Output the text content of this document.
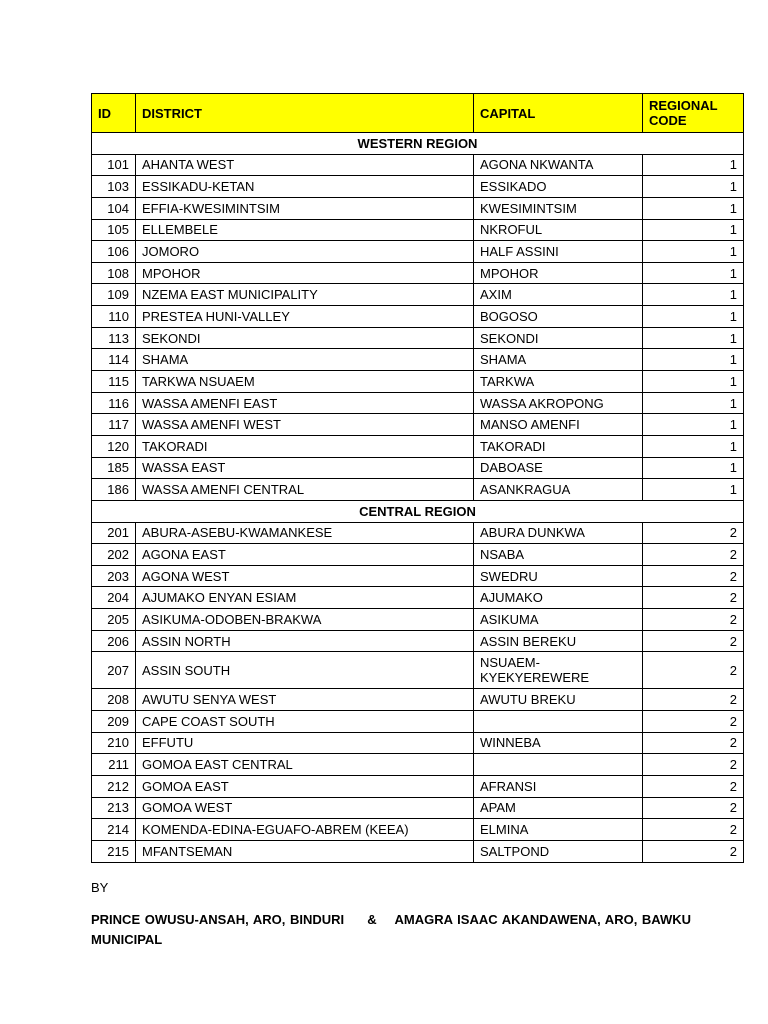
ID	DISTRICT	CAPITAL	REGIONAL CODE
WESTERN REGION			
101	AHANTA WEST	AGONA NKWANTA	1
103	ESSIKADU-KETAN	ESSIKADO	1
104	EFFIA-KWESIMINTSIM	KWESIMINTSIM	1
105	ELLEMBELE	NKROFUL	1
106	JOMORO	HALF ASSINI	1
108	MPOHOR	MPOHOR	1
109	NZEMA EAST MUNICIPALITY	AXIM	1
110	PRESTEA HUNI-VALLEY	BOGOSO	1
113	SEKONDI	SEKONDI	1
114	SHAMA	SHAMA	1
115	TARKWA NSUAEM	TARKWA	1
116	WASSA AMENFI EAST	WASSA AKROPONG	1
117	WASSA AMENFI WEST	MANSO AMENFI	1
120	TAKORADI	TAKORADI	1
185	WASSA EAST	DABOASE	1
186	WASSA AMENFI CENTRAL	ASANKRAGUA	1
CENTRAL REGION			
201	ABURA-ASEBU-KWAMANKESE	ABURA DUNKWA	2
202	AGONA EAST	NSABA	2
203	AGONA WEST	SWEDRU	2
204	AJUMAKO ENYAN ESIAM	AJUMAKO	2
205	ASIKUMA-ODOBEN-BRAKWA	ASIKUMA	2
206	ASSIN NORTH	ASSIN BEREKU	2
207	ASSIN SOUTH	NSUAEM-KYEKYEREWERE	2
208	AWUTU SENYA WEST	AWUTU BREKU	2
209	CAPE COAST SOUTH		2
210	EFFUTU	WINNEBA	2
211	GOMOA EAST CENTRAL		2
212	GOMOA EAST	AFRANSI	2
213	GOMOA WEST	APAM	2
214	KOMENDA-EDINA-EGUAFO-ABREM (KEEA)	ELMINA	2
215	MFANTSEMAN	SALTPOND	2
BY
PRINCE OWUSU-ANSAH, ARO, BINDURI     &    AMAGRA ISAAC AKANDAWENA, ARO, BAWKU MUNICIPAL
